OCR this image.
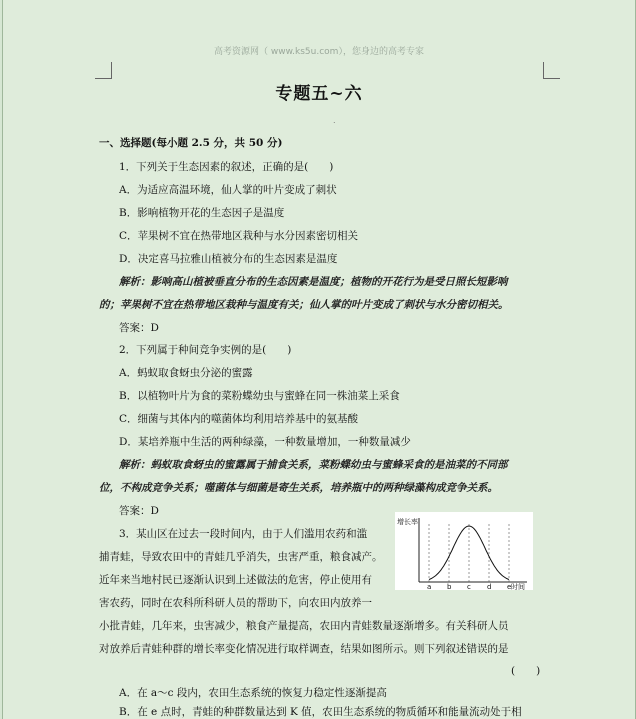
高考资源网（ www.ks5u.com），您身边的高考专家
专题五~六
.
一、选择题(每小题 2.5 分，共 50 分)
1．下列关于生态因素的叙述，正确的是(　　)
A．为适应高温环境，仙人掌的叶片变成了刺状
B．影响植物开花的生态因子是温度
C．苹果树不宜在热带地区栽种与水分因素密切相关
D．决定喜马拉雅山植被分布的生态因素是温度
解析：影响高山植被垂直分布的生态因素是温度；植物的开花行为是受日照长短影响
的；苹果树不宜在热带地区栽种与温度有关；仙人掌的叶片变成了刺状与水分密切相关。
答案：D
2．下列属于种间竞争实例的是(　　)
A．蚂蚁取食蚜虫分泌的蜜露
B．以植物叶片为食的菜粉蝶幼虫与蜜蜂在同一株油菜上采食
C．细菌与其体内的噬菌体均利用培养基中的氨基酸
D．某培养瓶中生活的两种绿藻，一种数量增加，一种数量减少
解析：蚂蚁取食蚜虫的蜜露属于捕食关系，菜粉蝶幼虫与蜜蜂采食的是油菜的不同部
位，不构成竞争关系；噬菌体与细菌是寄生关系，培养瓶中的两种绿藻构成竞争关系。
答案：D
3．某山区在过去一段时间内，由于人们滥用农药和滥
捕青蛙，导致农田中的青蛙几乎消失，虫害严重，粮食减产。
近年来当地村民已逐渐认识到上述做法的危害，停止使用有
害农药，同时在农科所科研人员的帮助下，向农田内放养一
小批青蛙，几年来，虫害减少，粮食产量提高，农田内青蛙数量逐渐增多。有关科研人员
对放养后青蛙种群的增长率变化情况进行取样调查，结果如图所示。则下列叙述错误的是
(　　)
A．在 a～c 段内，农田生态系统的恢复力稳定性逐渐提高
B．在 e 点时，青蛙的种群数量达到 K 值，农田生态系统的物质循环和能量流动处于相
增长率
时间
a b c d e
